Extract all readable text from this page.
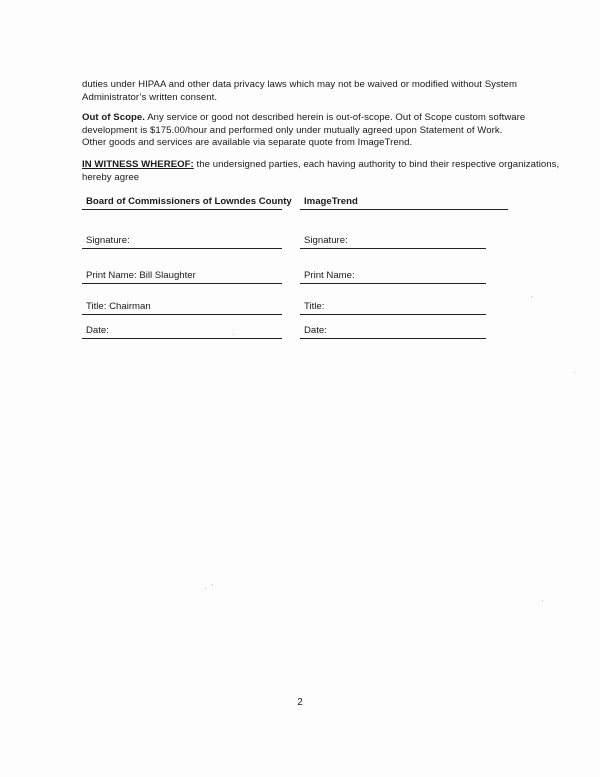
duties under HIPAA and other data privacy laws which may not be waived or modified without System
Administrator’s written consent.
Out of Scope. Any service or good not described herein is out-of-scope. Out of Scope custom software
development is $175.00/hour and performed only under mutually agreed upon Statement of Work.
Other goods and services are available via separate quote from ImageTrend.
IN WITNESS WHEREOF: the undersigned parties, each having authority to bind their respective organizations,
hereby agree
Board of Commissioners of Lowndes County	ImageTrend
Signature:	Signature:
Print Name: Bill Slaughter	Print Name:
Title: Chairman	Title:
Date:	Date:
2
